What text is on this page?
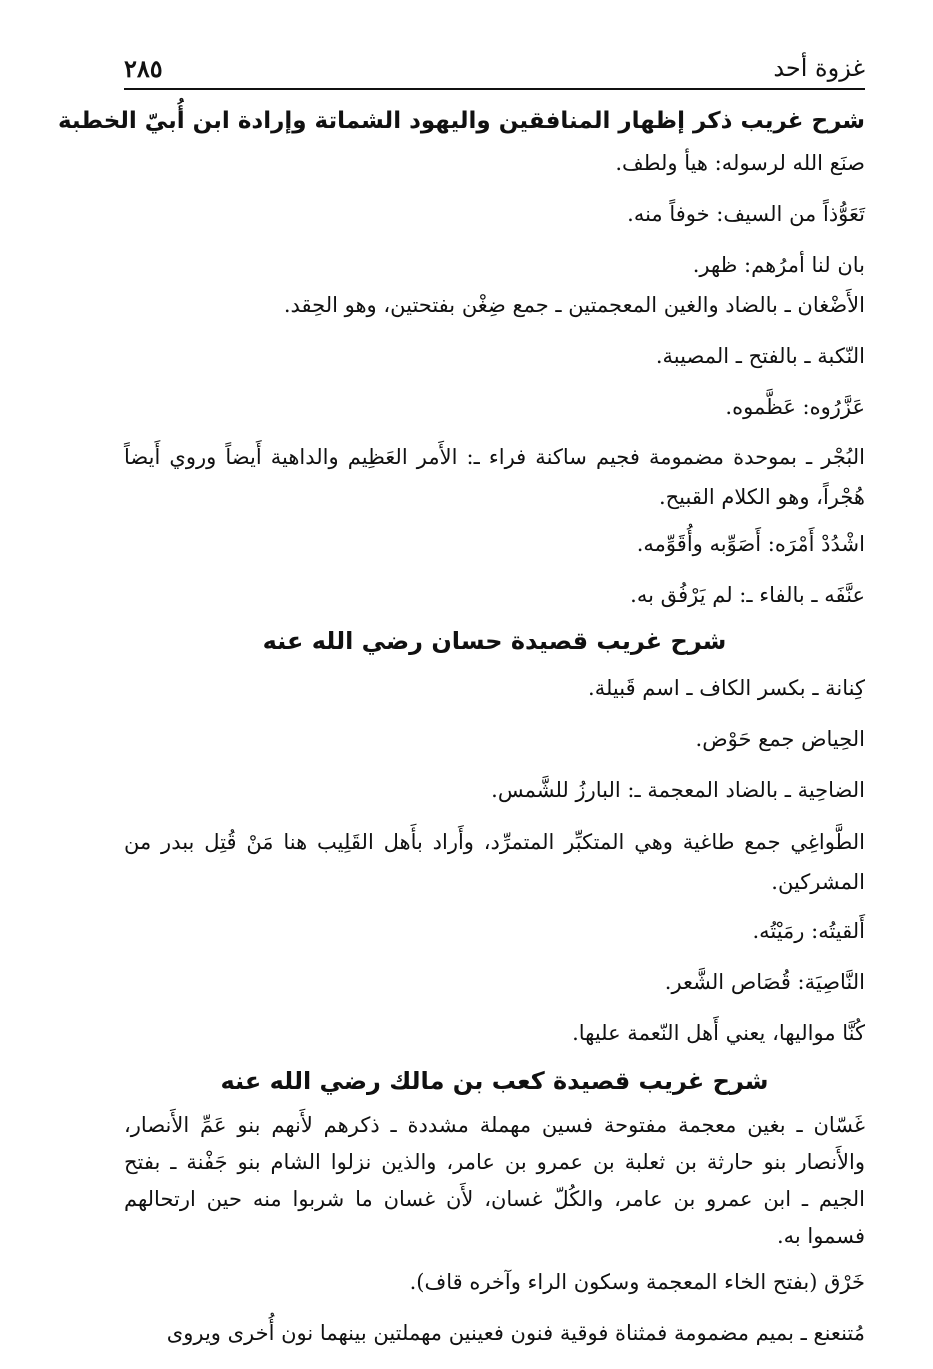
غزوة أحد
٢٨٥
شرح غريب ذكر إظهار المنافقين واليهود الشماتة وإرادة ابن أُبيّ الخطبة
صنَع الله لرسوله: هيأ ولطف.
تَعَوُّذاً من السيف: خوفاً منه.
بان لنا أمرُهم: ظهر.
الأَضْغان ـ بالضاد والغين المعجمتين ـ جمع ضِغْن بفتحتين، وهو الحِقد.
النّكبة ـ بالفتح ـ المصيبة.
عَزَّرُوه: عَظَّموه.
البُجْر ـ بموحدة مضمومة فجيم ساكنة فراء ـ: الأَمر العَظِيم والداهية أَيضاً وروي أَيضاً هُجْراً، وهو الكلام القبيح.
اشْدُدْ أَمْرَه: أَصَوِّبه وأُقَوِّمه.
عنَّفَه ـ بالفاء ـ: لم يَرْفُق به.
شرح غريب قصيدة حسان رضي الله عنه
كِنانة ـ بكسر الكاف ـ اسم قَبيلة.
الحِياض جمع حَوْض.
الضاحِية ـ بالضاد المعجمة ـ: البارزُ للشَّمس.
الطَّواغِي جمع طاغية وهي المتكبِّر المتمرِّد، وأَراد بأَهل القَلِيب هنا مَنْ قُتِل ببدر من المشركين.
أَلقيتُه: رمَيْتُه.
النَّاصِيَة: قُصَاص الشَّعر.
كُنَّا مواليها، يعني أَهل النّعمة عليها.
شرح غريب قصيدة كعب بن مالك رضي الله عنه
غَسّان ـ بغين معجمة مفتوحة فسين مهملة مشددة ـ ذكرهم لأَنهم بنو عَمِّ الأَنصار، والأَنصار بنو حارثة بن ثعلبة بن عمرو بن عامر، والذين نزلوا الشام بنو جَفْنة ـ بفتح الجيم ـ ابن عمرو بن عامر، والكُلّ غسان، لأَن غسان ما شربوا منه حين ارتحالهم فسموا به.
خَرْق (بفتح الخاء المعجمة وسكون الراء وآخره قاف).
مُتنعنع ـ بميم مضمومة فمثناة فوقية فنون فعينين مهملتين بينهما نون أُخرى ويروى
